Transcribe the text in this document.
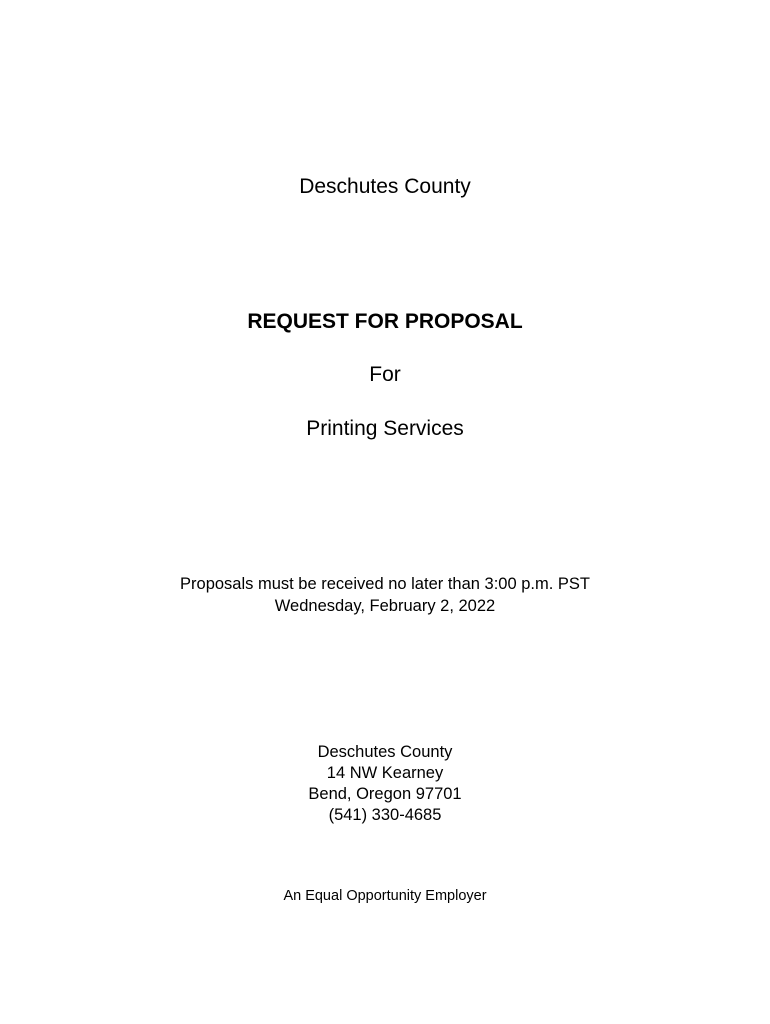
Deschutes County
REQUEST FOR PROPOSAL
For
Printing Services
Proposals must be received no later than 3:00 p.m. PST
Wednesday, February 2, 2022
Deschutes County
14 NW Kearney
Bend, Oregon 97701
(541) 330-4685
An Equal Opportunity Employer
